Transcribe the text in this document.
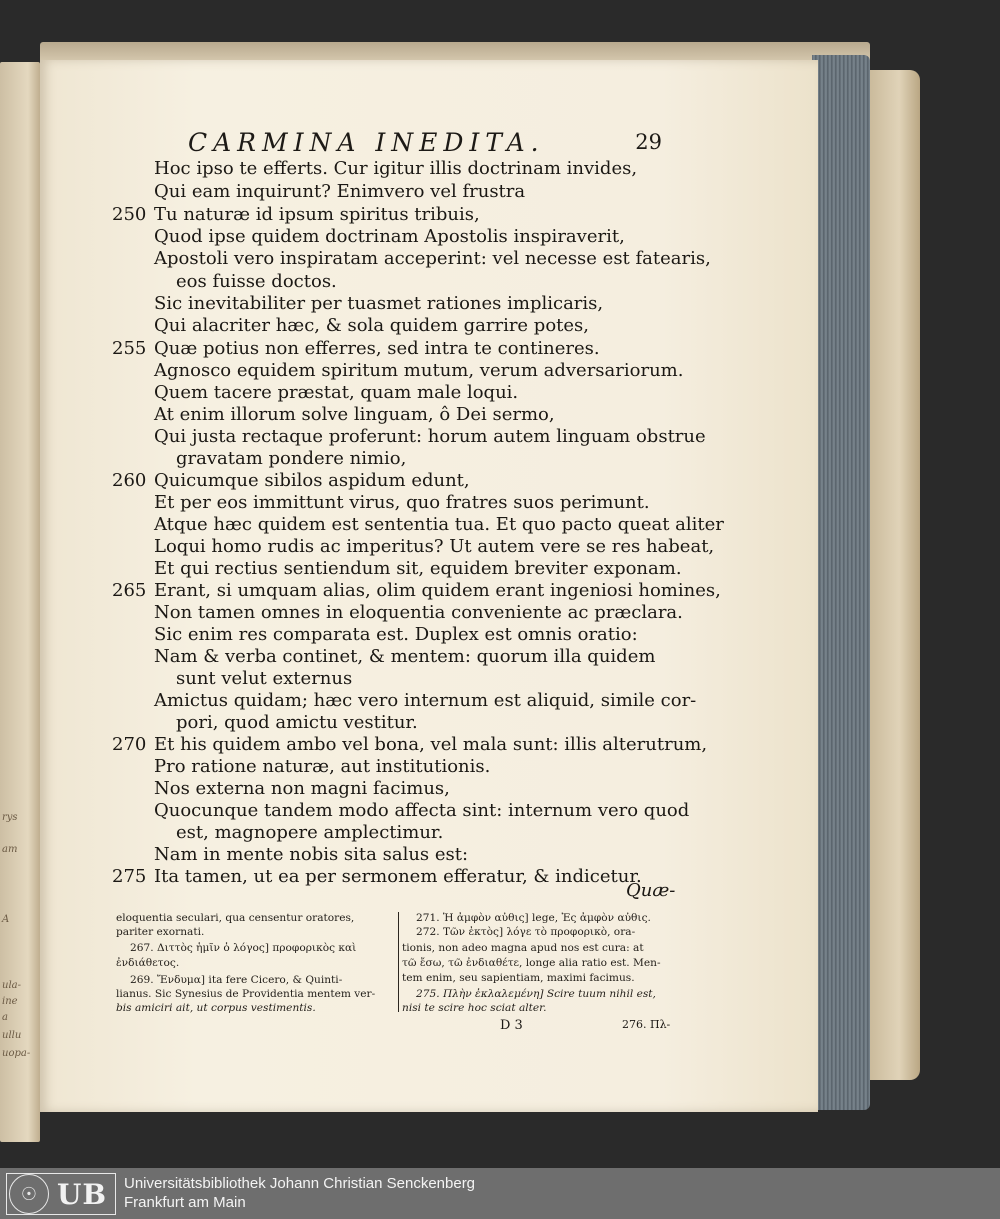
rys
am
A
ula-
ine
a
ullu
uopa-
CARMINA INEDITA.	29
Hoc ipso te efferts. Cur igitur illis doctrinam invides,
Qui eam inquirunt? Enimvero vel frustra
250 Tu naturæ id ipsum spiritus tribuis,
Quod ipse quidem doctrinam Apostolis inspiraverit,
Apostoli vero inspiratam acceperint: vel necesse est fatearis,
eos fuisse doctos.
Sic inevitabiliter per tuasmet rationes implicaris,
Qui alacriter hæc, & sola quidem garrire potes,
255 Quæ potius non efferres, sed intra te contineres.
Agnosco equidem spiritum mutum, verum adversariorum.
Quem tacere præstat, quam male loqui.
At enim illorum solve linguam, ô Dei sermo,
Qui justa rectaque proferunt: horum autem linguam obstrue
gravatam pondere nimio,
260 Quicumque sibilos aspidum edunt,
Et per eos immittunt virus, quo fratres suos perimunt.
Atque hæc quidem est sententia tua. Et quo pacto queat aliter
Loqui homo rudis ac imperitus? Ut autem vere se res habeat,
Et qui rectius sentiendum sit, equidem breviter exponam.
265 Erant, si umquam alias, olim quidem erant ingeniosi homines,
Non tamen omnes in eloquentia conveniente ac præclara.
Sic enim res comparata est. Duplex est omnis oratio:
Nam & verba continet, & mentem: quorum illa quidem
sunt velut externus
Amictus quidam; hæc vero internum est aliquid, simile cor-
pori, quod amictu vestitur.
270 Et his quidem ambo vel bona, vel mala sunt: illis alterutrum,
Pro ratione naturæ, aut institutionis.
Nos externa non magni facimus,
Quocunque tandem modo affecta sint: internum vero quod
est, magnopere amplectimur.
Nam in mente nobis sita salus est:
275 Ita tamen, ut ea per sermonem efferatur, & indicetur.
Quæ-
eloquentia seculari, qua censentur oratores,
pariter exornati.
267. Διττὸς ἡμῖν ὁ λόγος] προφορικὸς καὶ
ἐνδιάθετος.
269. Ἔνδυμα] ita fere Cicero, & Quinti-
lianus. Sic Synesius de Providentia mentem ver-
bis amiciri ait, ut corpus vestimentis.
271. Ἡ ἀμφὸν αὐθις] lege, Ἐς ἀμφὸν αὐθις.
272. Τῶν ἐκτὸς] λόγε τὸ προφορικὸ, ora-
tionis, non adeo magna apud nos est cura: at
τῶ ἔσω, τῶ ἐνδιαθέτε, longe alia ratio est. Men-
tem enim, seu sapientiam, maximi facimus.
275. Πλὴν ἐκλαλεμένη] Scire tuum nihil est,
nisi te scire hoc sciat alter.
D 3	276. Πλ-
☉ UB Universitätsbibliothek Johann Christian Senckenberg
Frankfurt am Main
